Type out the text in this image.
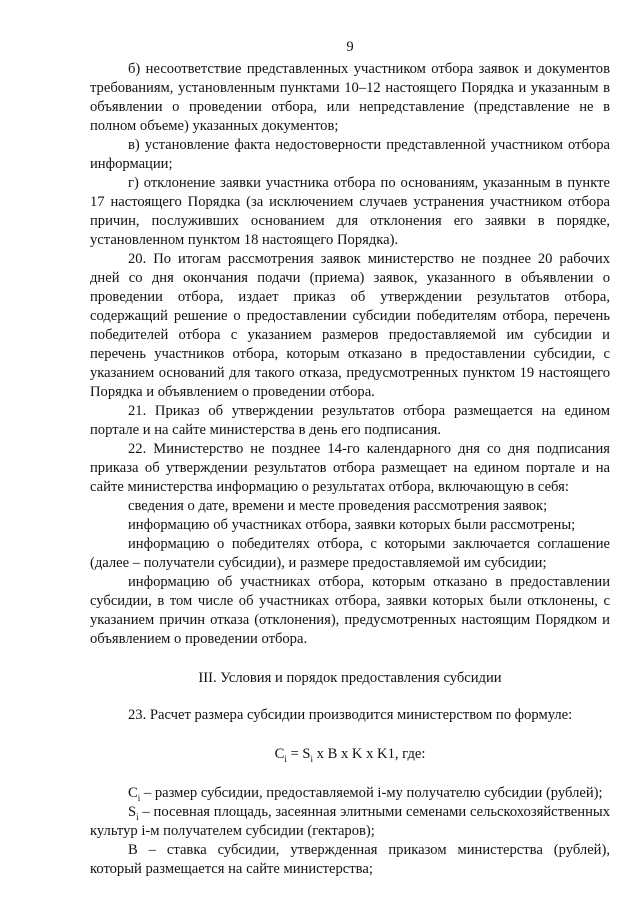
9

б) несоответствие представленных участником отбора заявок и документов требованиям, установленным пунктами 10–12 настоящего Порядка и указанным в объявлении о проведении отбора, или непредставление (представление не в полном объеме) указанных документов;

в) установление факта недостоверности представленной участником отбора информации;

г) отклонение заявки участника отбора по основаниям, указанным в пункте 17 настоящего Порядка (за исключением случаев устранения участником отбора причин, послуживших основанием для отклонения его заявки в порядке, установленном пунктом 18 настоящего Порядка).

20. По итогам рассмотрения заявок министерство не позднее 20 рабочих дней со дня окончания подачи (приема) заявок, указанного в объявлении о проведении отбора, издает приказ об утверждении результатов отбора, содержащий решение о предоставлении субсидии победителям отбора, перечень победителей отбора с указанием размеров предоставляемой им субсидии и перечень участников отбора, которым отказано в предоставлении субсидии, с указанием оснований для такого отказа, предусмотренных пунктом 19 настоящего Порядка и объявлением о проведении отбора.

21. Приказ об утверждении результатов отбора размещается на едином портале и на сайте министерства в день его подписания.

22. Министерство не позднее 14-го календарного дня со дня подписания приказа об утверждении результатов отбора размещает на едином портале и на сайте министерства информацию о результатах отбора, включающую в себя:

сведения о дате, времени и месте проведения рассмотрения заявок;

информацию об участниках отбора, заявки которых были рассмотрены;

информацию о победителях отбора, с которыми заключается соглашение (далее – получатели субсидии), и размере предоставляемой им субсидии;

информацию об участниках отбора, которым отказано в предоставлении субсидии, в том числе об участниках отбора, заявки которых были отклонены, с указанием причин отказа (отклонения), предусмотренных настоящим Порядком и объявлением о проведении отбора.

III. Условия и порядок предоставления субсидии

23. Расчет размера субсидии производится министерством по формуле:

$C_i = S_i$ x B x K x K1, где:

$C_i$ – размер субсидии, предоставляемой i-му получателю субсидии (рублей);

$S_i$ – посевная площадь, засеянная элитными семенами сельскохозяйственных культур i-м получателем субсидии (гектаров);

B – ставка субсидии, утвержденная приказом министерства (рублей), который размещается на сайте министерства;
